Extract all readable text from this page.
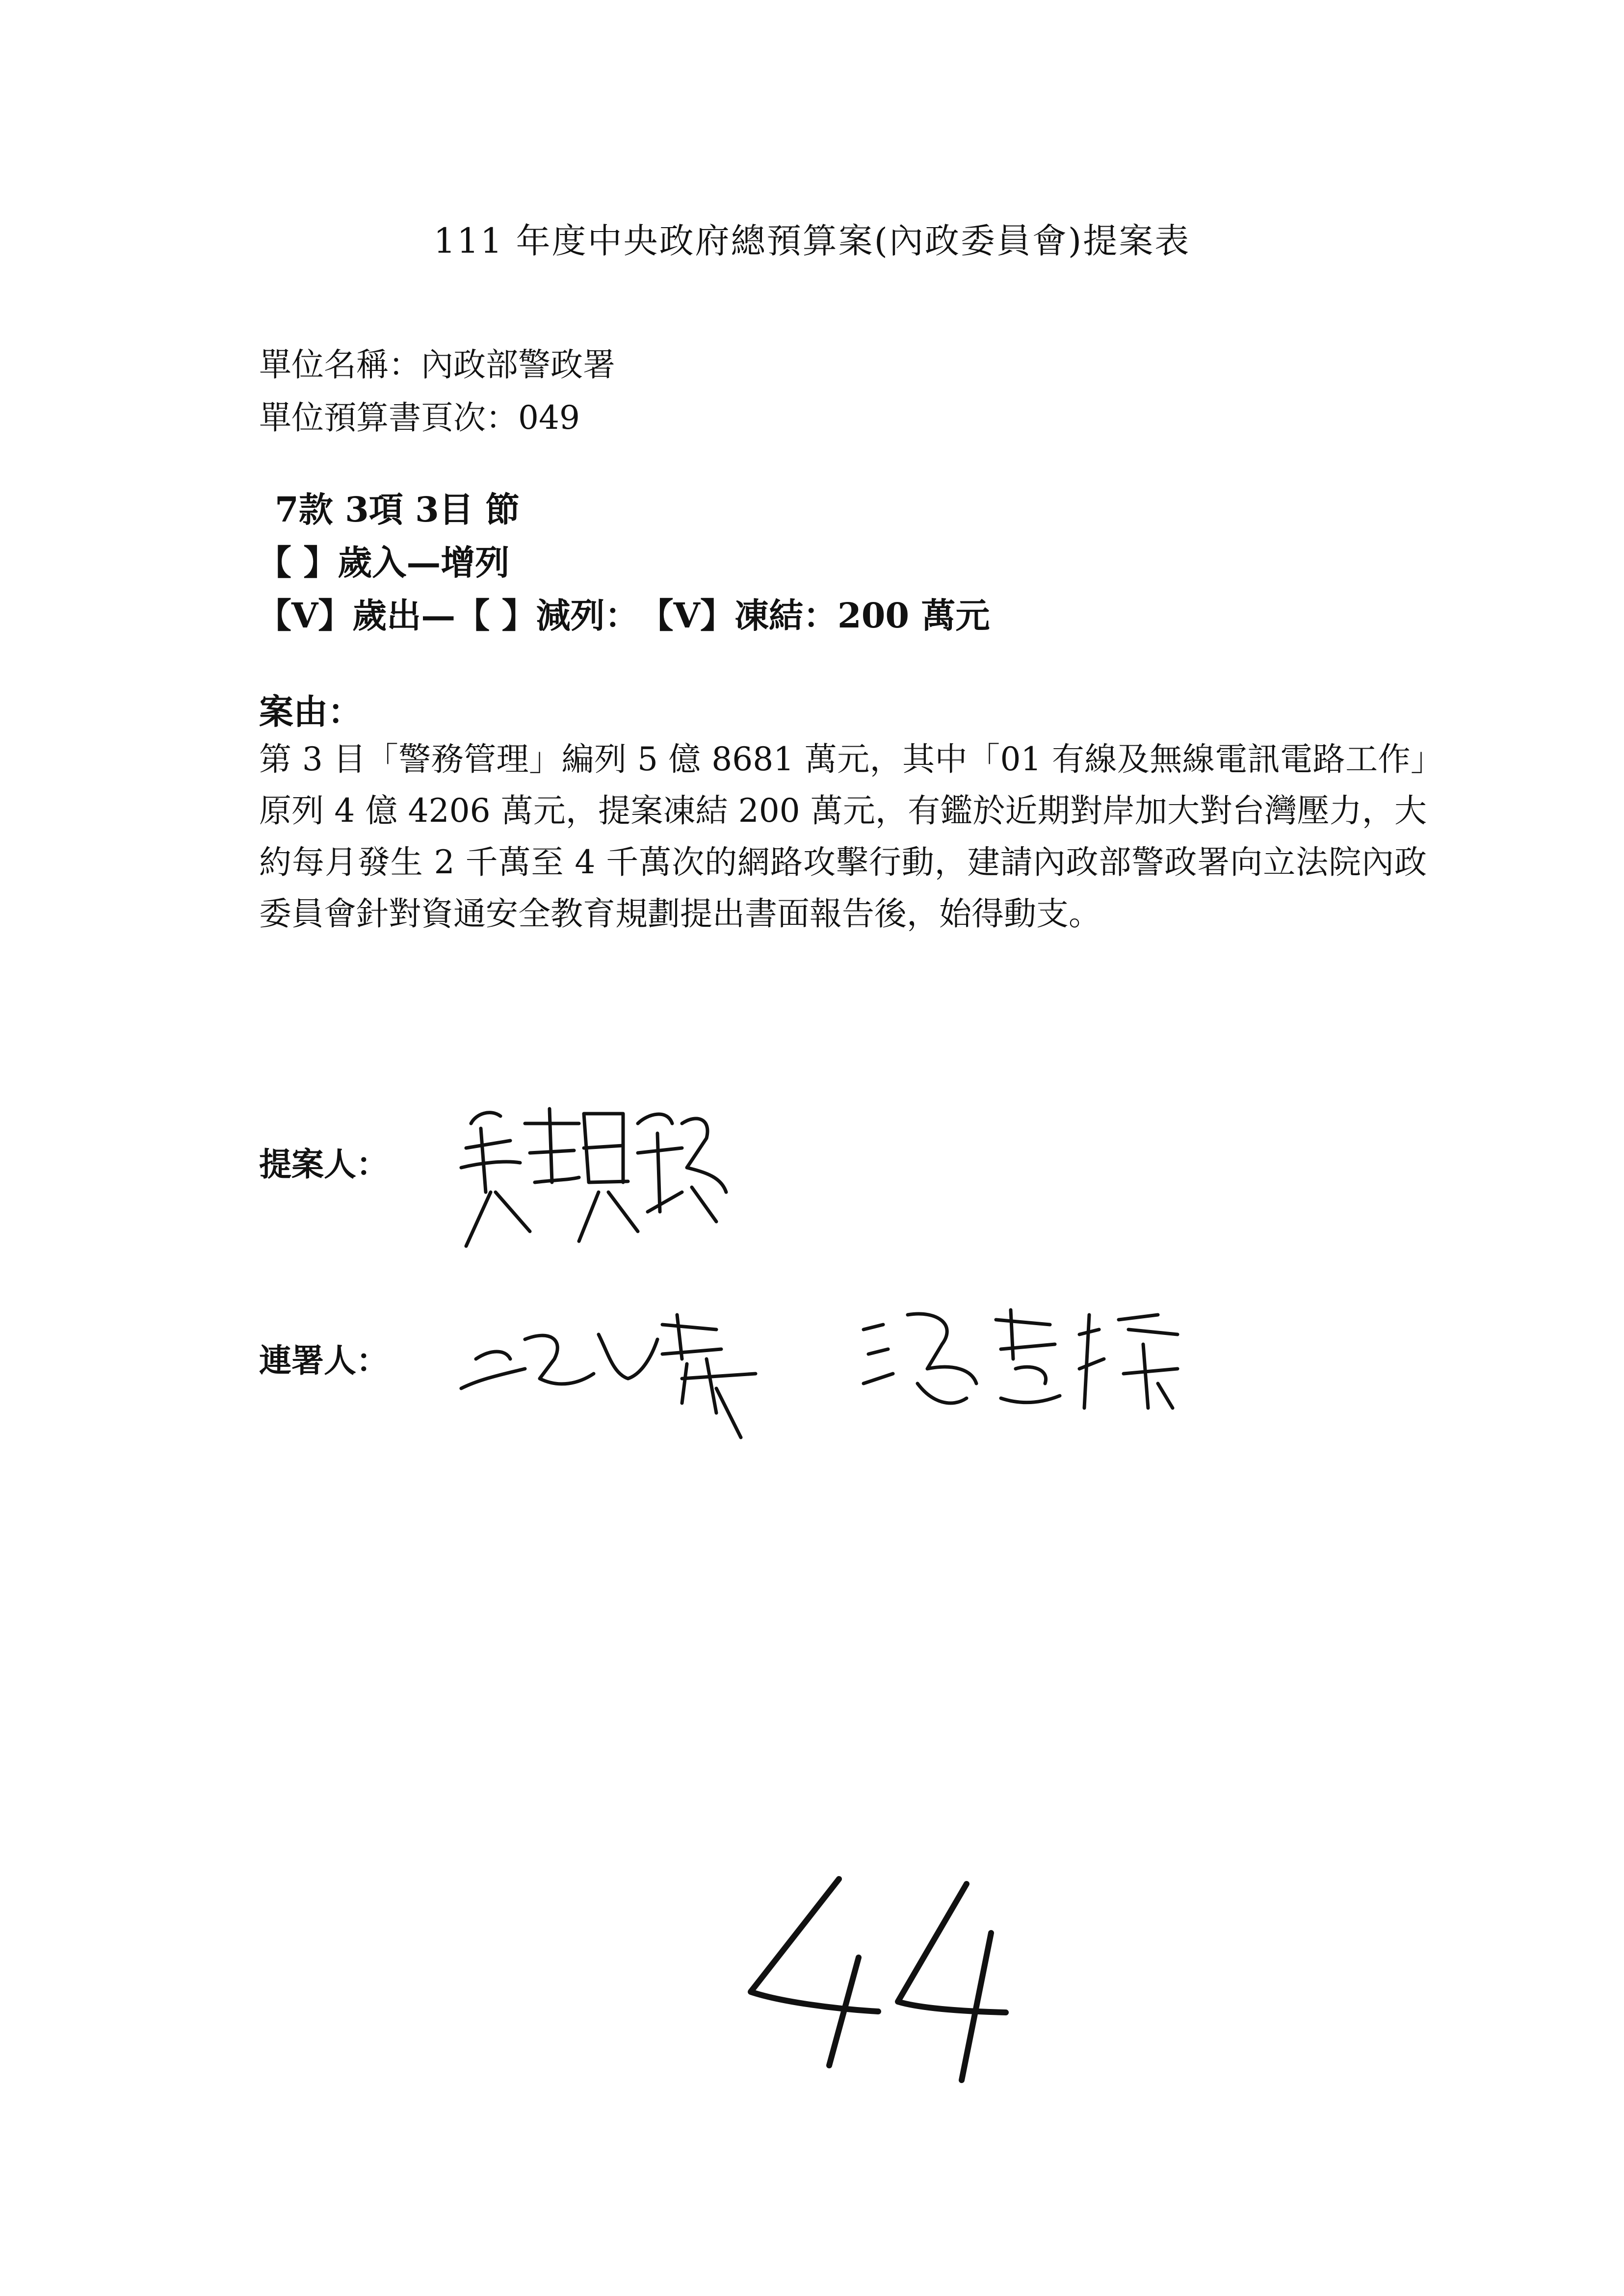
111 年度中央政府總預算案(內政委員會)提案表
單位名稱：內政部警政署
單位預算書頁次：049
7款 3項 3目 節
【 】歲入—增列
【V】歲出—【 】減列：　【V】凍結：200 萬元
案由：
第 3 目「警務管理」編列 5 億 8681 萬元，其中「01 有線及無線電訊電路工作」原列 4 億 4206 萬元，提案凍結 200 萬元，有鑑於近期對岸加大對台灣壓力，大約每月發生 2 千萬至 4 千萬次的網路攻擊行動，建請內政部警政署向立法院內政委員會針對資通安全教育規劃提出書面報告後，始得動支。
提案人：
連署人：
